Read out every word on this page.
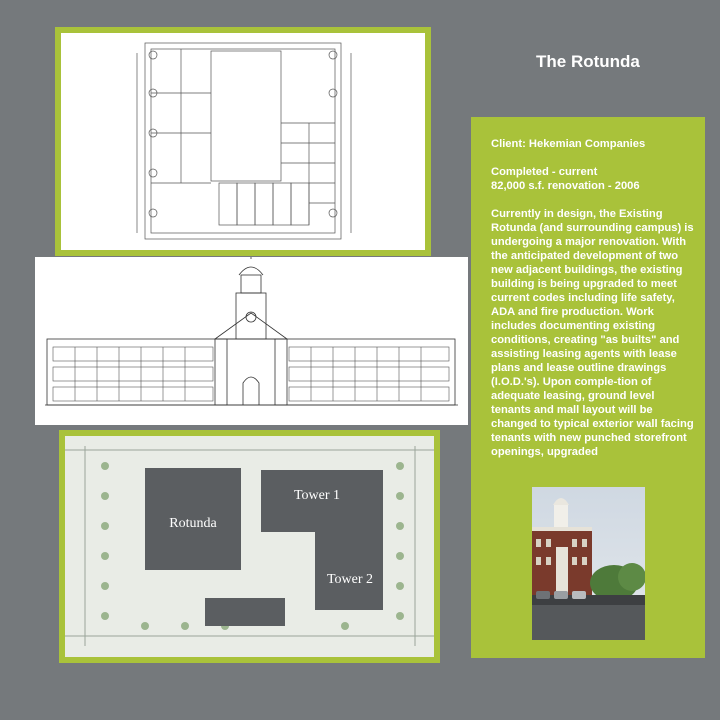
The Rotunda
Rotunda
Tower 1
Tower 2

Client: Hekemian Companies

Completed - current

82,000 s.f. renovation - 2006

Currently in design, the Existing Rotunda (and surrounding campus) is undergoing a major renovation. With the anticipated development of two new adjacent buildings, the existing building is being upgraded to meet current codes including life safety, ADA and fire production. Work includes documenting existing conditions, creating "as builts" and assisting leasing agents with lease plans and lease outline drawings (I.O.D.'s). Upon comple-tion of adequate leasing, ground level tenants and mall layout will be changed to typical exterior wall facing tenants with new punched storefront openings, upgraded
